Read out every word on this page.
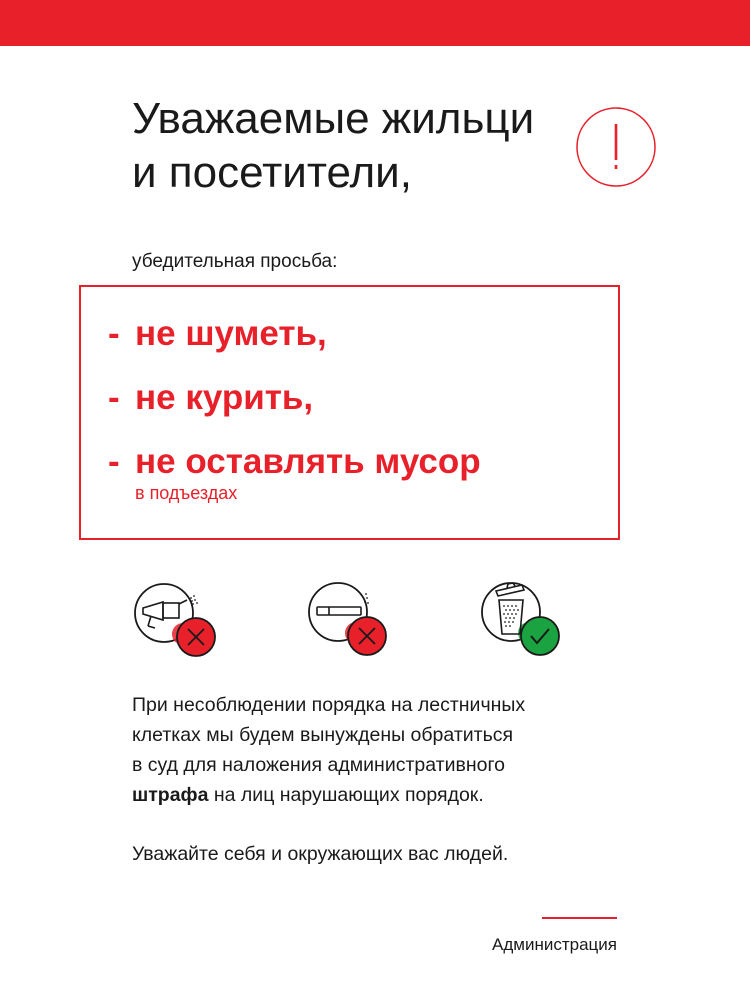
Уважаемые жильци
и посетители,
убедительная просьба:
- не шуметь,
- не курить,
- не оставлять мусор
в подъездах
При несоблюдении порядка на лестничных
клетках мы будем вынуждены обратиться
в суд для наложения административного
штрафа на лиц нарушающих порядок.
Уважайте себя и окружающих вас людей.
Администрация
